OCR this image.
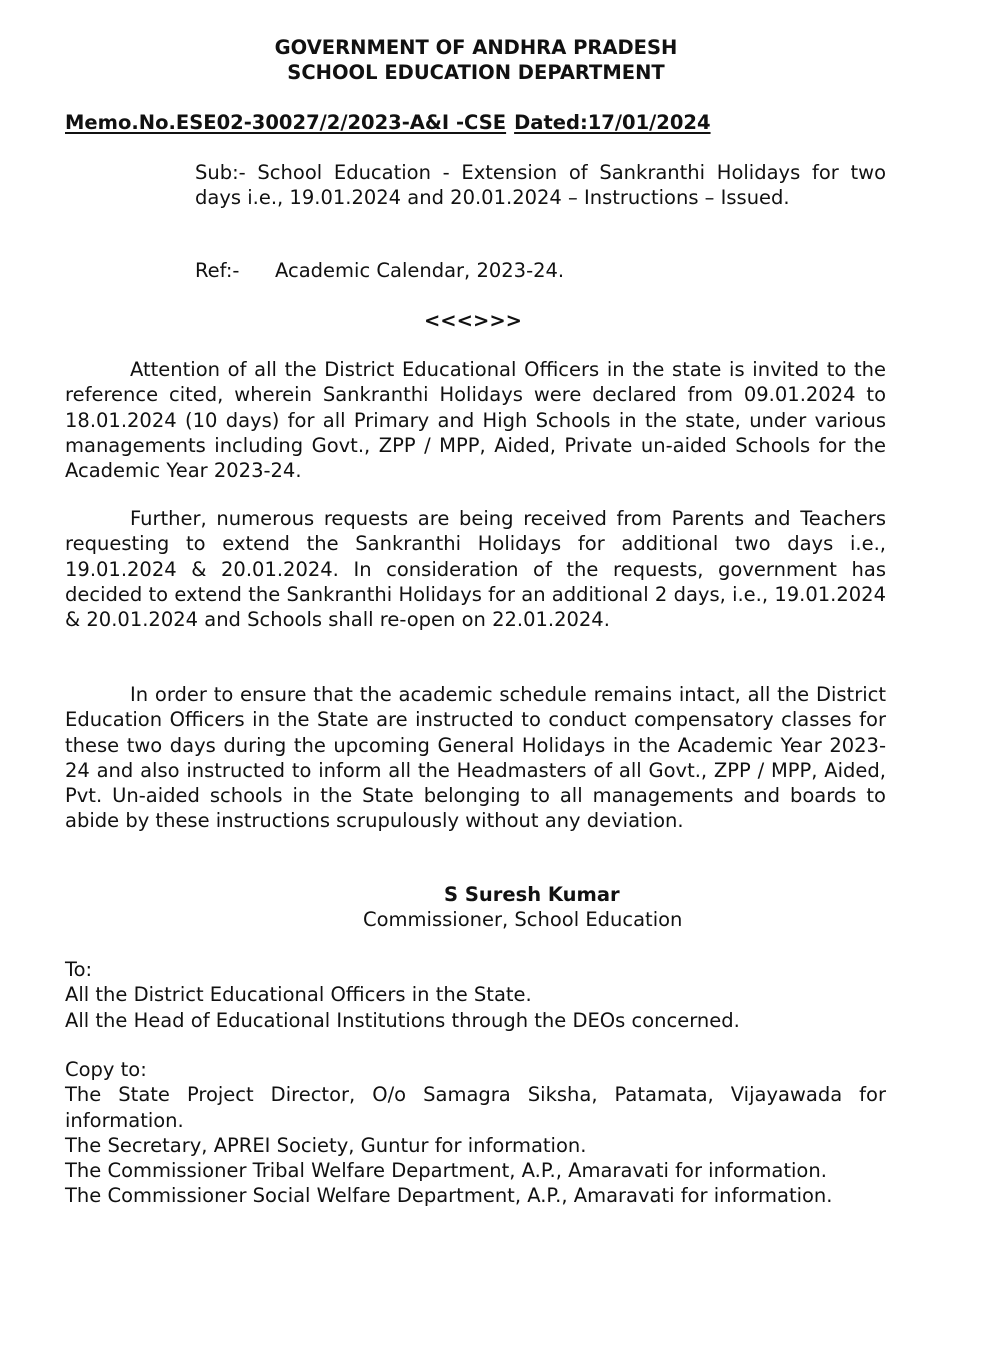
GOVERNMENT OF ANDHRA PRADESH
SCHOOL EDUCATION DEPARTMENT
Memo.No.ESE02-30027/2/2023-A&I -CSE Dated:17/01/2024
Sub:- School Education - Extension of Sankranthi Holidays for two days i.e., 19.01.2024 and 20.01.2024 – Instructions – Issued.
Ref:- Academic Calendar, 2023-24.
<<<>>>
Attention of all the District Educational Officers in the state is invited to the reference cited, wherein Sankranthi Holidays were declared from 09.01.2024 to 18.01.2024 (10 days) for all Primary and High Schools in the state, under various managements including Govt., ZPP / MPP, Aided, Private un-aided Schools for the Academic Year 2023-24.
Further, numerous requests are being received from Parents and Teachers requesting to extend the Sankranthi Holidays for additional two days i.e., 19.01.2024 & 20.01.2024. In consideration of the requests, government has decided to extend the Sankranthi Holidays for an additional 2 days, i.e., 19.01.2024 & 20.01.2024 and Schools shall re-open on 22.01.2024.
In order to ensure that the academic schedule remains intact, all the District Education Officers in the State are instructed to conduct compensatory classes for these two days during the upcoming General Holidays in the Academic Year 2023-24 and also instructed to inform all the Headmasters of all Govt., ZPP / MPP, Aided, Pvt. Un-aided schools in the State belonging to all managements and boards to abide by these instructions scrupulously without any deviation.
S Suresh Kumar
Commissioner, School Education
To:
All the District Educational Officers in the State.
All the Head of Educational Institutions through the DEOs concerned.
Copy to:
The State Project Director, O/o Samagra Siksha, Patamata, Vijayawada for information.
The Secretary, APREI Society, Guntur for information.
The Commissioner Tribal Welfare Department, A.P., Amaravati for information.
The Commissioner Social Welfare Department, A.P., Amaravati for information.
